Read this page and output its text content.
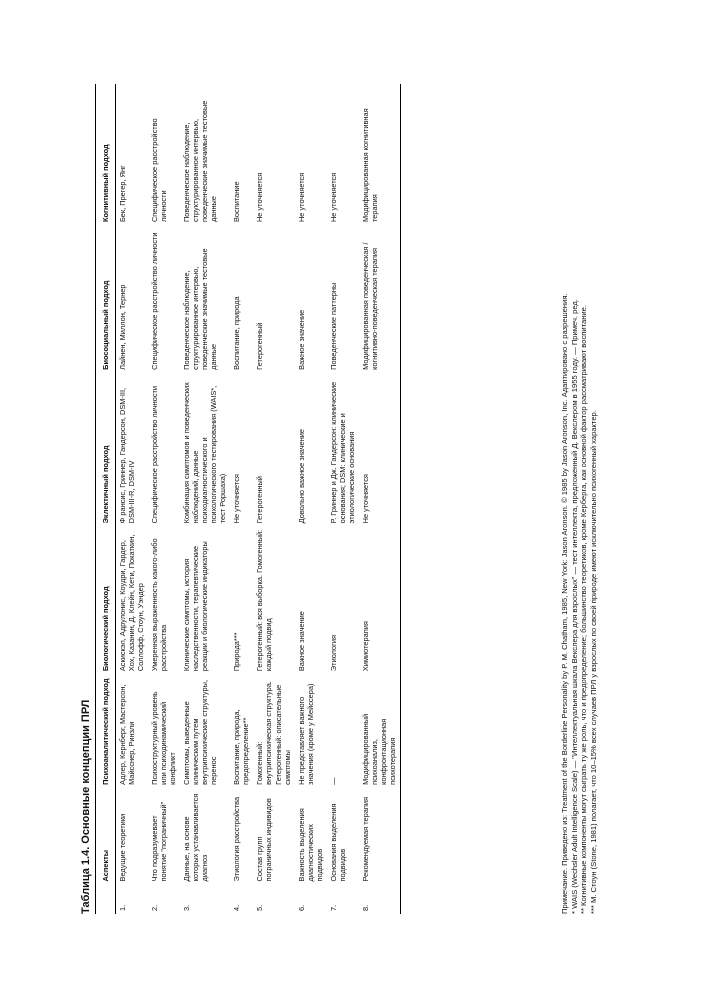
Таблица 1.4. Основные концепции ПРЛ
	Аспекты	Психоаналитический подход	Биологический подход	Эклектичный подход	Биосоциальный подход	Когнитивный подход
1.	Ведущие теоретики	Адлер, Кернберг, Мастерсон, Майсснер, Ринзли	Аскискэл, Адрулонис, Коудри, Гардер, Хох, Казанин, Д. Клейн, Кети, Покаткин, Соллофф, Стоун, Уэндер	Ф рансис, Гриннер, Гандерсон, DSM-III, DSM-III-R, DSM-IV	Лайнен, Миллон, Тернер	Бек, Прегер, Янг
2.	Что подразумевает понятие "пограничный"	Психоструктурный уровень или психодинамический конфликт	Умеренная выраженность какого-либо расстройства	Специфическое расстройство личности	Специфическое расстройство личности	Специфическое расстройство личности
3.	Данные, на основе которых устанавливается диагноз	Симптомы, выведенные клиническим путем внутрипсихические структуры, перенос	Клинические симптомы, история наследственности, терапевтические реакции и биологические индикаторы	Комбинация симптомов и поведенческих наблюдений, данные психодиагностического и психологического тестирования (WAIS*, тест Роршаха)	Поведенческое наблюдение, структурированное интервью, поведенческие значимые тестовые данные	Поведенческое наблюдение, структурированное интервью, поведенческие значимые тестовые данные
4.	Этиология расстройства	Воспитание, природа, предопределение**	Природа***	Не уточняется	Воспитание, природа	Воспитание
5.	Состав групп пограничных индивидов	Гомогенный: внутрипсихическая структура. Гетерогенный: описательные симптомы	Гетерогенный: вся выборка. Гомогенный: каждый подвид	Гетерогенный	Гетерогенный	Не уточняется
6.	Важность выделения диагностических подвидов	Не представляет важного значения (кроме у Мейссера)	Важное значение	Довольно важное значение	Важное значение	Не уточняется
7.	Основания выделения подвидов	—	Этиология	Р. Гриннер и Дж. Гандерсон: клинические основания; DSM: клинические и этиологические основания	Поведенческие паттерны	Не уточняется
8.	Рекомендуемая терапия	Модифицированный психоанализ, конфронтационная психотерапия	Химиотерапия	Не уточняется	Модифицированная поведенческая / когнитивно-поведенческая терапия	Модифицированная когнитивная терапия

Примечание. Приведено из: Treatment of the Borderline Personality by P. M. Chatham, 1985, New York: Jason Aronson. © 1985 by Jason Aronson, Inc. Адаптировано с разрешения. * WAIS (Wechsler Adult Intelligence Scale) — "Интеллектуальная шкала Векслера для взрослых" — тест интеллекта, предложенный Д. Векслером в 1955 году. — Примеч. ред. ** Когнитивные компоненты могут сыграть ту же роль, что и предопределение; большинство теоретиков, кроме Керберга, как основной фактор рассматривают воспитание. *** М. Стоун (Stone, 1981) полагает, что 10–15% всех случаев ПРЛ у взрослых по своей природе имеют исключительно психогенный характер.
